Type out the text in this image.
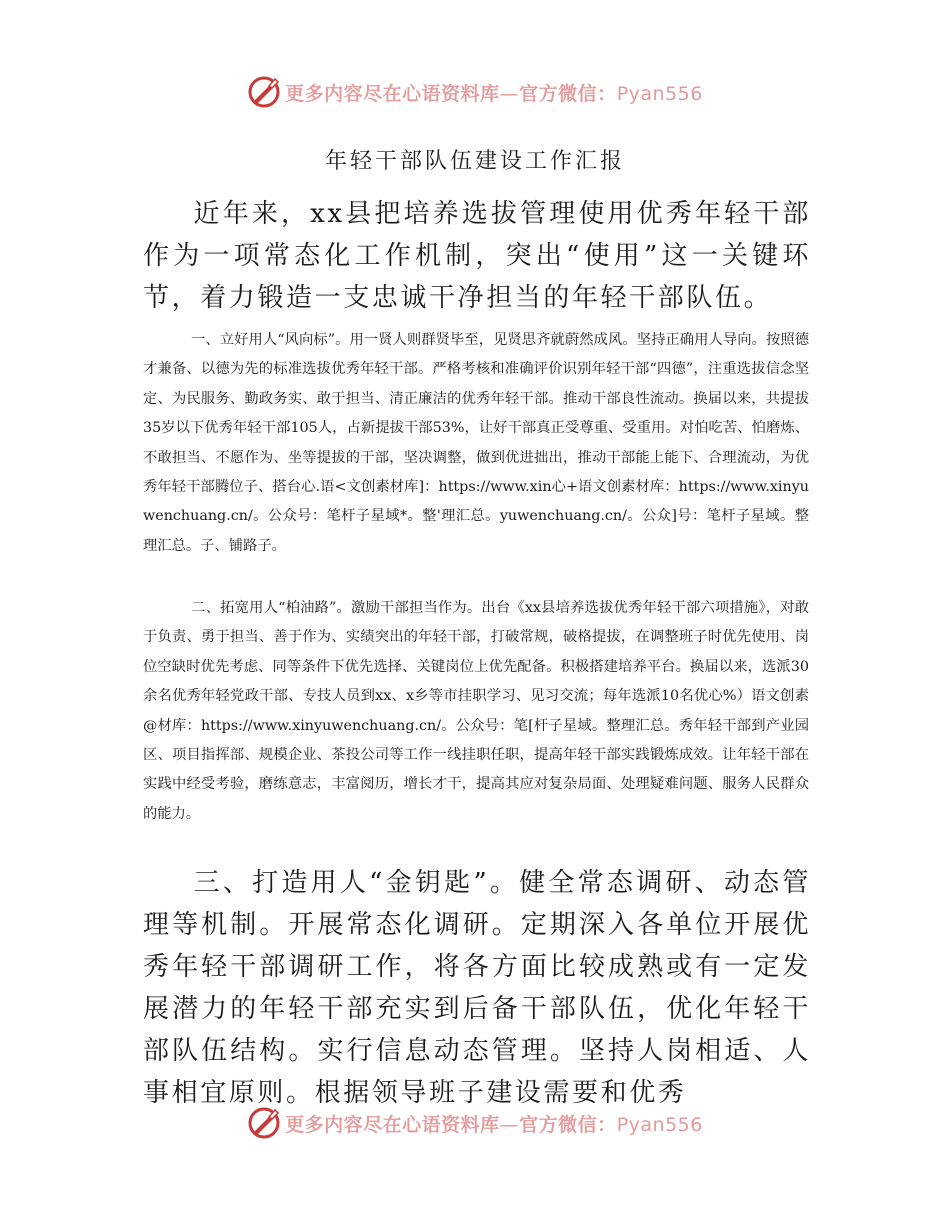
更多内容尽在心语资料库—官方微信：Pyan556
年轻干部队伍建设工作汇报

近年来，xx县把培养选拔管理使用优秀年轻干部作为一项常态化工作机制，突出“使用”这一关键环节，着力锻造一支忠诚干净担当的年轻干部队伍。

一、立好用人“风向标”。用一贤人则群贤毕至，见贤思齐就蔚然成风。坚持正确用人导向。按照德才兼备、以德为先的标准选拔优秀年轻干部。严格考核和准确评价识别年轻干部“四德”，注重选拔信念坚定、为民服务、勤政务实、敢于担当、清正廉洁的优秀年轻干部。推动干部良性流动。换届以来，共提拔35岁以下优秀年轻干部105人，占新提拔干部53%，让好干部真正受尊重、受重用。对怕吃苦、怕磨炼、不敢担当、不愿作为、坐等提拔的干部，坚决调整，做到优进拙出，推动干部能上能下、合理流动，为优秀年轻干部腾位子、搭台心.语<文创素材库]：https://www.xin心+语文创素材库：https://www.xinyuwenchuang.cn/。公众号：笔杆子星域*。整'理汇总。yuwenchuang.cn/。公众]号：笔杆子星域。整理汇总。子、铺路子。

二、拓宽用人“柏油路”。激励干部担当作为。出台《xx县培养选拔优秀年轻干部六项措施》，对敢于负责、勇于担当、善于作为、实绩突出的年轻干部，打破常规，破格提拔，在调整班子时优先使用、岗位空缺时优先考虑、同等条件下优先选择、关键岗位上优先配备。积极搭建培养平台。换届以来，选派30余名优秀年轻党政干部、专技人员到xx、x乡等市挂职学习、见习交流；每年选派10名优心%）语文创素@材库：https://www.xinyuwenchuang.cn/。公众号：笔[杆子星域。整理汇总。秀年轻干部到产业园区、项目指挥部、规模企业、茶投公司等工作一线挂职任职，提高年轻干部实践锻炼成效。让年轻干部在实践中经受考验，磨练意志，丰富阅历，增长才干，提高其应对复杂局面、处理疑难问题、服务人民群众的能力。

三、打造用人“金钥匙”。健全常态调研、动态管理等机制。开展常态化调研。定期深入各单位开展优秀年轻干部调研工作，将各方面比较成熟或有一定发展潜力的年轻干部充实到后备干部队伍，优化年轻干部队伍结构。实行信息动态管理。坚持人岗相适、人事相宜原则。根据领导班子建设需要和优秀

更多内容尽在心语资料库—官方微信：Pyan556
